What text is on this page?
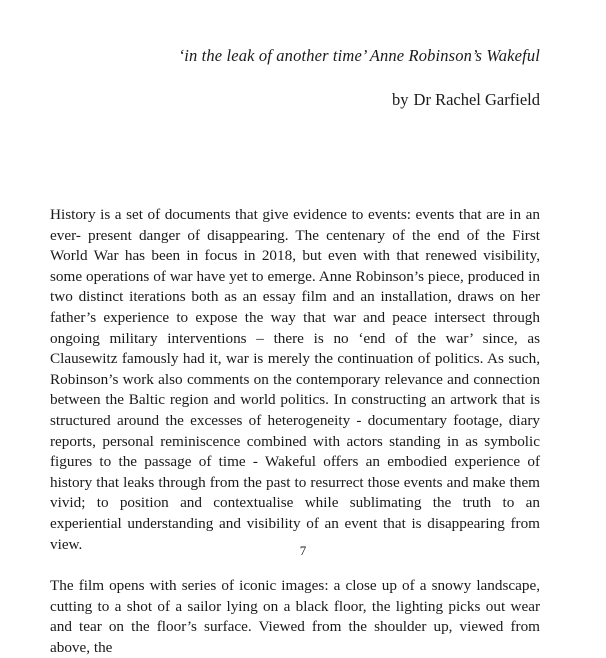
‘in the leak of another time’ Anne Robinson’s Wakeful
by Dr Rachel Garfield

History is a set of documents that give evidence to events: events that are in an ever- present danger of disappearing. The centenary of the end of the First World War has been in focus in 2018, but even with that renewed visibility, some operations of war have yet to emerge. Anne Robinson’s piece, produced in two distinct iterations both as an essay film and an installation, draws on her father’s experience to expose the way that war and peace intersect through ongoing military interventions – there is no ‘end of the war’ since, as Clausewitz famously had it, war is merely the continuation of politics. As such, Robinson’s work also comments on the contemporary relevance and connection between the Baltic region and world politics. In constructing an artwork that is structured around the excesses of heterogeneity - documentary footage, diary reports, personal reminiscence combined with actors standing in as symbolic figures to the passage of time - Wakeful offers an embodied experience of history that leaks through from the past to resurrect those events and make them vivid; to position and contextualise while sublimating the truth to an experiential understanding and visibility of an event that is disappearing from view.

The film opens with series of iconic images: a close up of a snowy landscape, cutting to a shot of a sailor lying on a black floor, the lighting picks out wear and tear on the floor’s surface. Viewed from the shoulder up, viewed from above, the

7
